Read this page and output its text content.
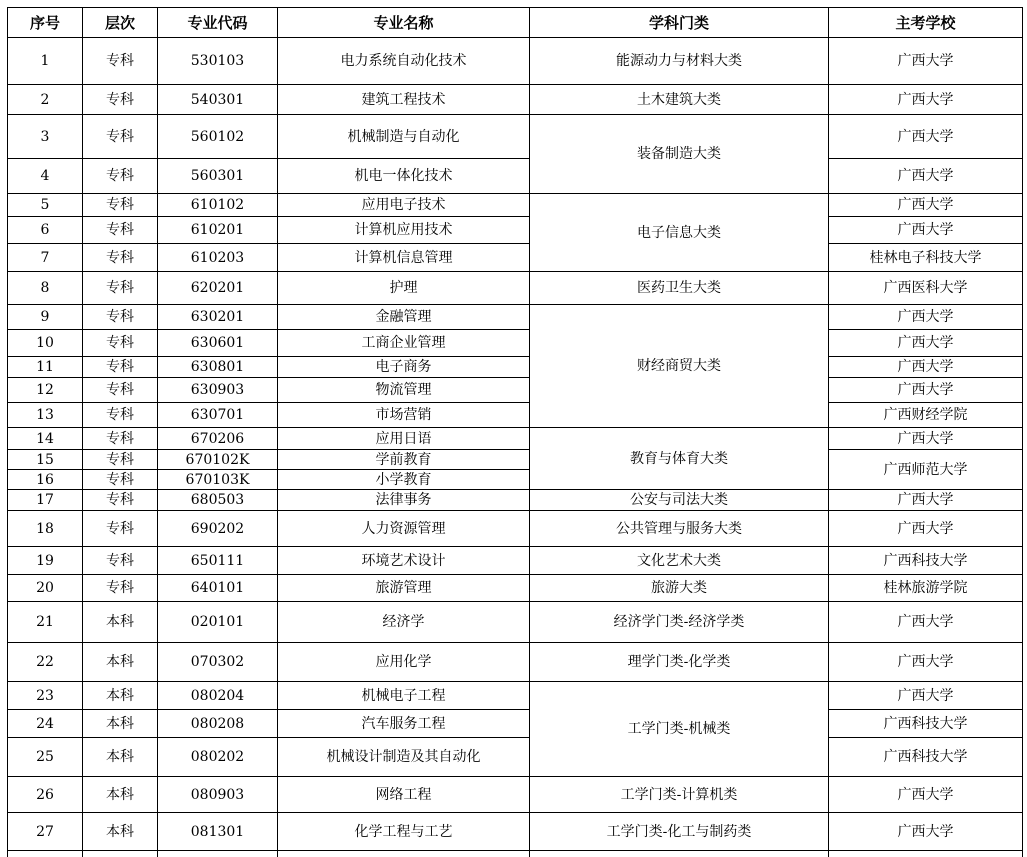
序号	层次	专业代码	专业名称	学科门类	主考学校
1	专科	530103	电力系统自动化技术	能源动力与材料大类	广西大学
2	专科	540301	建筑工程技术	土木建筑大类	广西大学
3	专科	560102	机械制造与自动化	装备制造大类	广西大学
4	专科	560301	机电一体化技术		广西大学
5	专科	610102	应用电子技术	电子信息大类	广西大学
6	专科	610201	计算机应用技术		广西大学
7	专科	610203	计算机信息管理		桂林电子科技大学
8	专科	620201	护理	医药卫生大类	广西医科大学
9	专科	630201	金融管理	财经商贸大类	广西大学
10	专科	630601	工商企业管理		广西大学
11	专科	630801	电子商务		广西大学
12	专科	630903	物流管理		广西大学
13	专科	630701	市场营销		广西财经学院
14	专科	670206	应用日语	教育与体育大类	广西大学
15	专科	670102K	学前教育		广西师范大学
16	专科	670103K	小学教育		
17	专科	680503	法律事务	公安与司法大类	广西大学
18	专科	690202	人力资源管理	公共管理与服务大类	广西大学
19	专科	650111	环境艺术设计	文化艺术大类	广西科技大学
20	专科	640101	旅游管理	旅游大类	桂林旅游学院
21	本科	020101	经济学	经济学门类-经济学类	广西大学
22	本科	070302	应用化学	理学门类-化学类	广西大学
23	本科	080204	机械电子工程	工学门类-机械类	广西大学
24	本科	080208	汽车服务工程		广西科技大学
25	本科	080202	机械设计制造及其自动化		广西科技大学
26	本科	080903	网络工程	工学门类-计算机类	广西大学
27	本科	081301	化学工程与工艺	工学门类-化工与制药类	广西大学
